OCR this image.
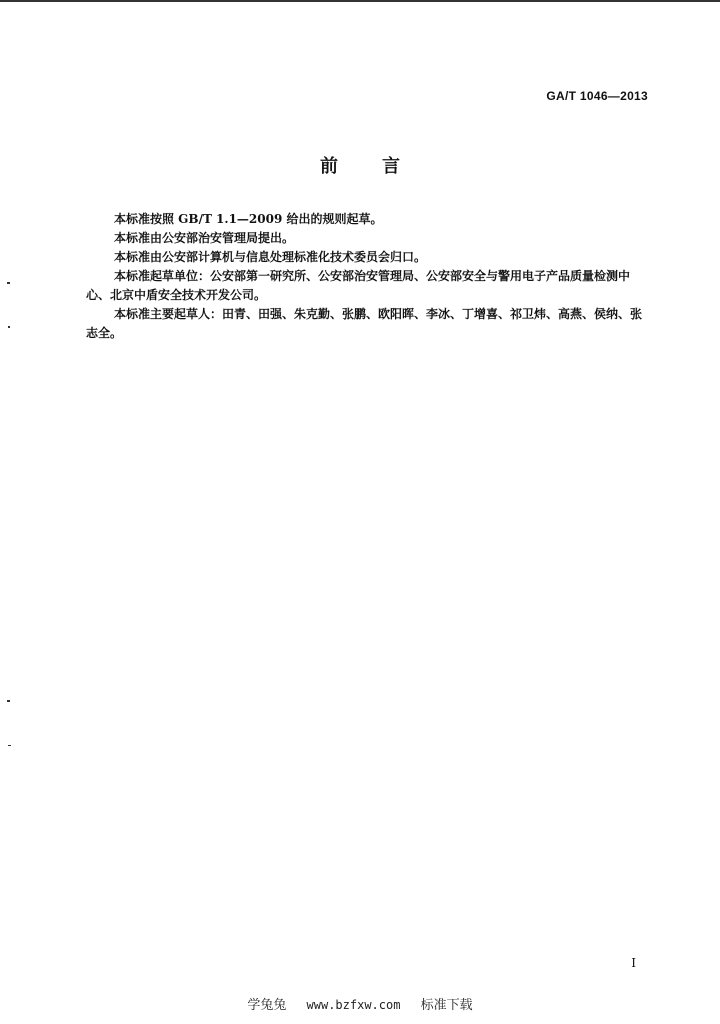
GA/T 1046—2013
前言

本标准按照 GB/T 1.1—2009 给出的规则起草。

本标准由公安部治安管理局提出。

本标准由公安部计算机与信息处理标准化技术委员会归口。

本标准起草单位：公安部第一研究所、公安部治安管理局、公安部安全与警用电子产品质量检测中心、北京中盾安全技术开发公司。

本标准主要起草人：田青、田强、朱克勤、张鹏、欧阳晖、李冰、丁增喜、祁卫炜、高燕、侯纳、张志全。

I
学兔兔 www.bzfxw.com 标准下载
